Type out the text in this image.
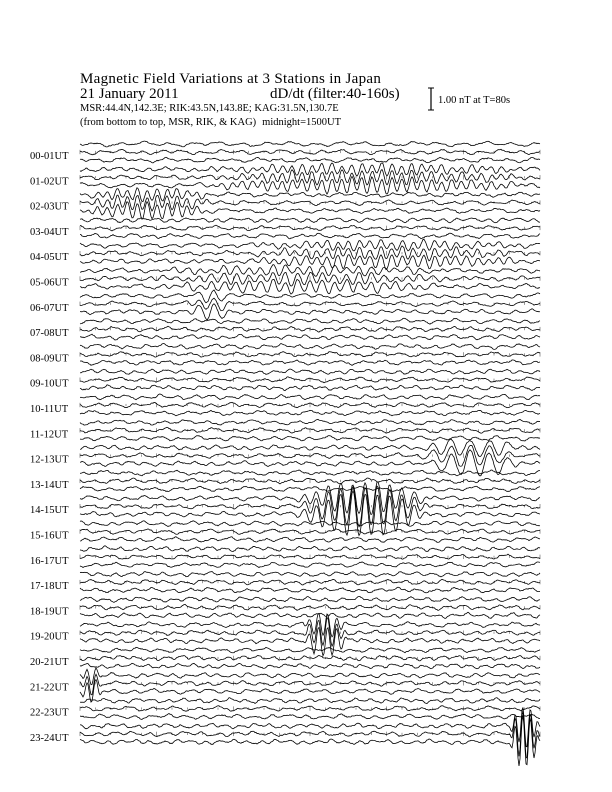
Magnetic Field Variations at 3 Stations in Japan
21 January 2011	dD/dt (filter:40-160s)
MSR:44.4N,142.3E; RIK:43.5N,143.8E; KAG:31.5N,130.7E
(from bottom to top, MSR, RIK, & KAG) midnight=1500UT
1.00 nT at T=80s
00-01UT
01-02UT
02-03UT
03-04UT
04-05UT
05-06UT
06-07UT
07-08UT
08-09UT
09-10UT
10-11UT
11-12UT
12-13UT
13-14UT
14-15UT
15-16UT
16-17UT
17-18UT
18-19UT
19-20UT
20-21UT
21-22UT
22-23UT
23-24UT
